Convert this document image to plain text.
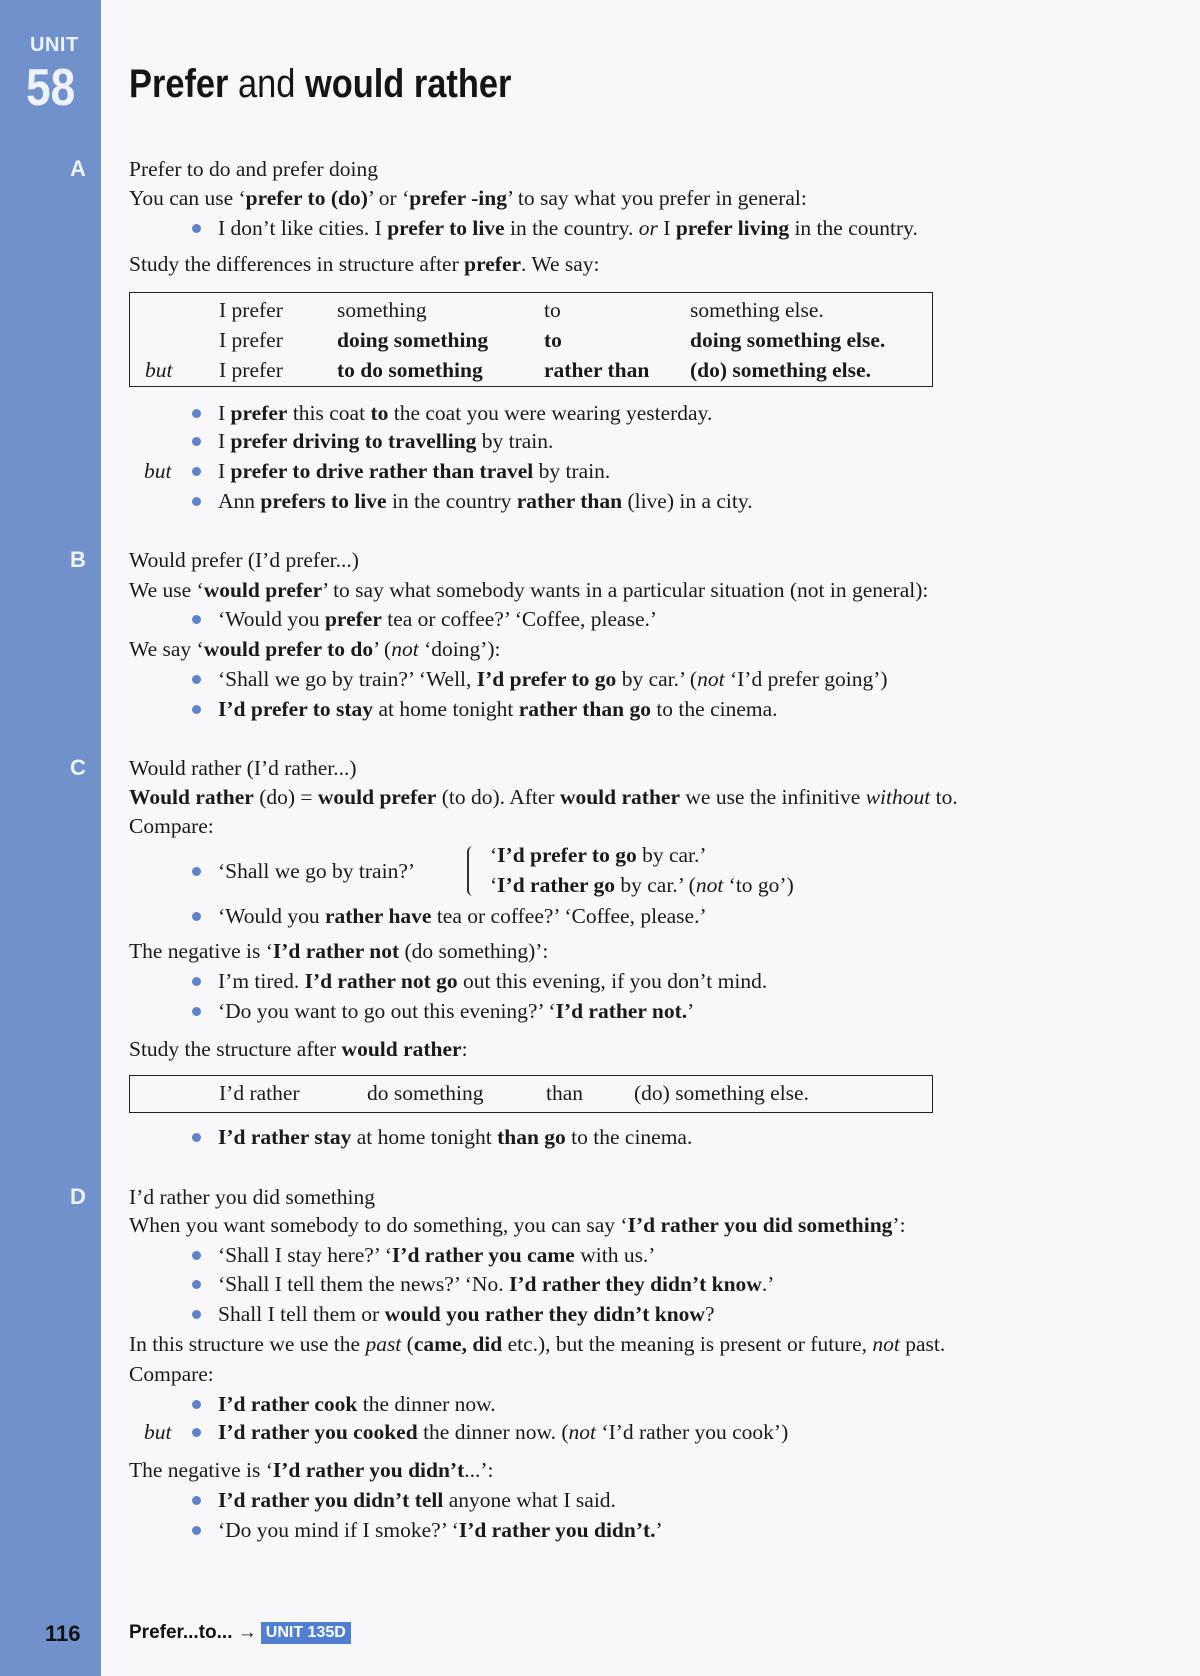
UNIT
58 Prefer and would rather
A Prefer to do and prefer doing
You can use ‘prefer to (do)’ or ‘prefer -ing’ to say what you prefer in general:
I don’t like cities. I prefer to live in the country. or I prefer living in the country.
Study the differences in structure after prefer. We say:
I prefer this coat to the coat you were wearing yesterday.
I prefer driving to travelling by train.
I prefer to drive rather than travel by train.
but
Ann prefers to live in the country rather than (live) in a city.
B Would prefer (I’d prefer...)
We use ‘would prefer’ to say what somebody wants in a particular situation (not in general):
‘Would you prefer tea or coffee?’ ‘Coffee, please.’
We say ‘would prefer to do’ (not ‘doing’):
‘Shall we go by train?’ ‘Well, I’d prefer to go by car.’ (not ‘I’d prefer going’)
I’d prefer to stay at home tonight rather than go to the cinema.
C Would rather (I’d rather...)
Would rather (do) = would prefer (to do). After would rather we use the infinitive without to.
Compare:
‘Shall we go by train?’
‘I’d prefer to go by car.’
‘I’d rather go by car.’ (not ‘to go’)
‘Would you rather have tea or coffee?’ ‘Coffee, please.’
The negative is ‘I’d rather not (do something)’:
I’m tired. I’d rather not go out this evening, if you don’t mind.
‘Do you want to go out this evening?’ ‘I’d rather not.’
Study the structure after would rather:
I’d rather stay at home tonight than go to the cinema.
D I’d rather you did something
When you want somebody to do something, you can say ‘I’d rather you did something’:
‘Shall I stay here?’ ‘I’d rather you came with us.’
‘Shall I tell them the news?’ ‘No. I’d rather they didn’t know.’
Shall I tell them or would you rather they didn’t know?
In this structure we use the past (came, did etc.), but the meaning is present or future, not past.
Compare:
I’d rather cook the dinner now.
I’d rather you cooked the dinner now. (not ‘I’d rather you cook’)
but
The negative is ‘I’d rather you didn’t...’:
I’d rather you didn’t tell anyone what I said.
‘Do you mind if I smoke?’ ‘I’d rather you didn’t.’
I prefer	something	to	something else.
I prefer	doing something	to	doing something else.
but I prefer	to do something	rather than (do) something else.
I’d rather	do something	than (do) something else.
116	Prefer...to... → UNIT 135D
